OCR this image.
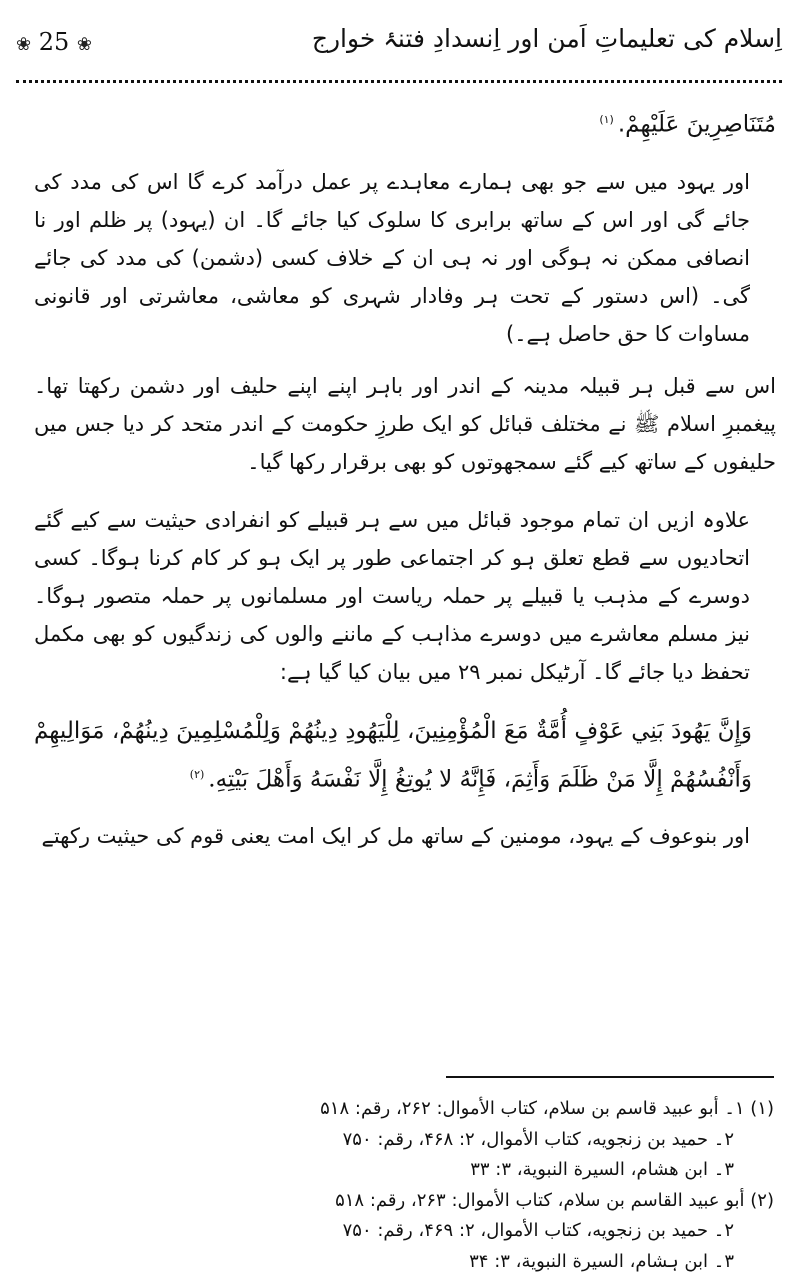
❀ 25 ❀	اِسلام کی تعلیماتِ اَمن اور اِنسدادِ فتنۂ خوارج

مُتَنَاصِرِينَ عَلَيْهِمْ.$^{(۱)}$

اور یہود میں سے جو بھی ہمارے معاہدے پر عمل درآمد کرے گا اس کی مدد کی جائے گی اور اس کے ساتھ برابری کا سلوک کیا جائے گا۔ ان (یہود) پر ظلم اور نا انصافی ممکن نہ ہوگی اور نہ ہی ان کے خلاف کسی (دشمن) کی مدد کی جائے گی۔ (اس دستور کے تحت ہر وفادار شہری کو معاشی، معاشرتی اور قانونی مساوات کا حق حاصل ہے۔)

اس سے قبل ہر قبیلہ مدینہ کے اندر اور باہر اپنے اپنے حلیف اور دشمن رکھتا تھا۔ پیغمبرِ اسلام ﷺ نے مختلف قبائل کو ایک طرزِ حکومت کے اندر متحد کر دیا جس میں حلیفوں کے ساتھ کیے گئے سمجھوتوں کو بھی برقرار رکھا گیا۔

علاوہ ازیں ان تمام موجود قبائل میں سے ہر قبیلے کو انفرادی حیثیت سے کیے گئے اتحادیوں سے قطع تعلق ہو کر اجتماعی طور پر ایک ہو کر کام کرنا ہوگا۔ کسی دوسرے کے مذہب یا قبیلے پر حملہ ریاست اور مسلمانوں پر حملہ متصور ہوگا۔ نیز مسلم معاشرے میں دوسرے مذاہب کے ماننے والوں کی زندگیوں کو بھی مکمل تحفظ دیا جائے گا۔ آرٹیکل نمبر ۲۹ میں بیان کیا گیا ہے:

وَإِنَّ يَهُودَ بَنِي عَوْفٍ أُمَّةٌ مَعَ الْمُؤْمِنِينَ، لِلْيَهُودِ دِينُهُمْ وَلِلْمُسْلِمِينَ دِينُهُمْ، مَوَالِيهِمْ وَأَنْفُسُهُمْ إِلَّا مَنْ ظَلَمَ وَأَثِمَ، فَإِنَّهُ لا يُوتِغُ إِلَّا نَفْسَهُ وَأَهْلَ بَيْتِهِ.$^{(۲)}$

اور بنوعوف کے یہود، مومنین کے ساتھ مل کر ایک امت یعنی قوم کی حیثیت رکھتے

(۱) ۱۔ أبو عبيد قاسم بن سلام، كتاب الأموال: ۲۶۲، رقم: ۵۱۸
۲۔ حميد بن زنجويه، كتاب الأموال، ۲: ۴۶۸، رقم: ۷۵۰
۳۔ ابن هشام، السيرة النبوية، ۳: ۳۳
(۲) أبو عبيد القاسم بن سلام، كتاب الأموال: ۲۶۳، رقم: ۵۱۸
۲۔ حميد بن زنجويه، كتاب الأموال، ۲: ۴۶۹، رقم: ۷۵۰
۳۔ ابن ہشام، السيرة النبوية، ۳: ۳۴
